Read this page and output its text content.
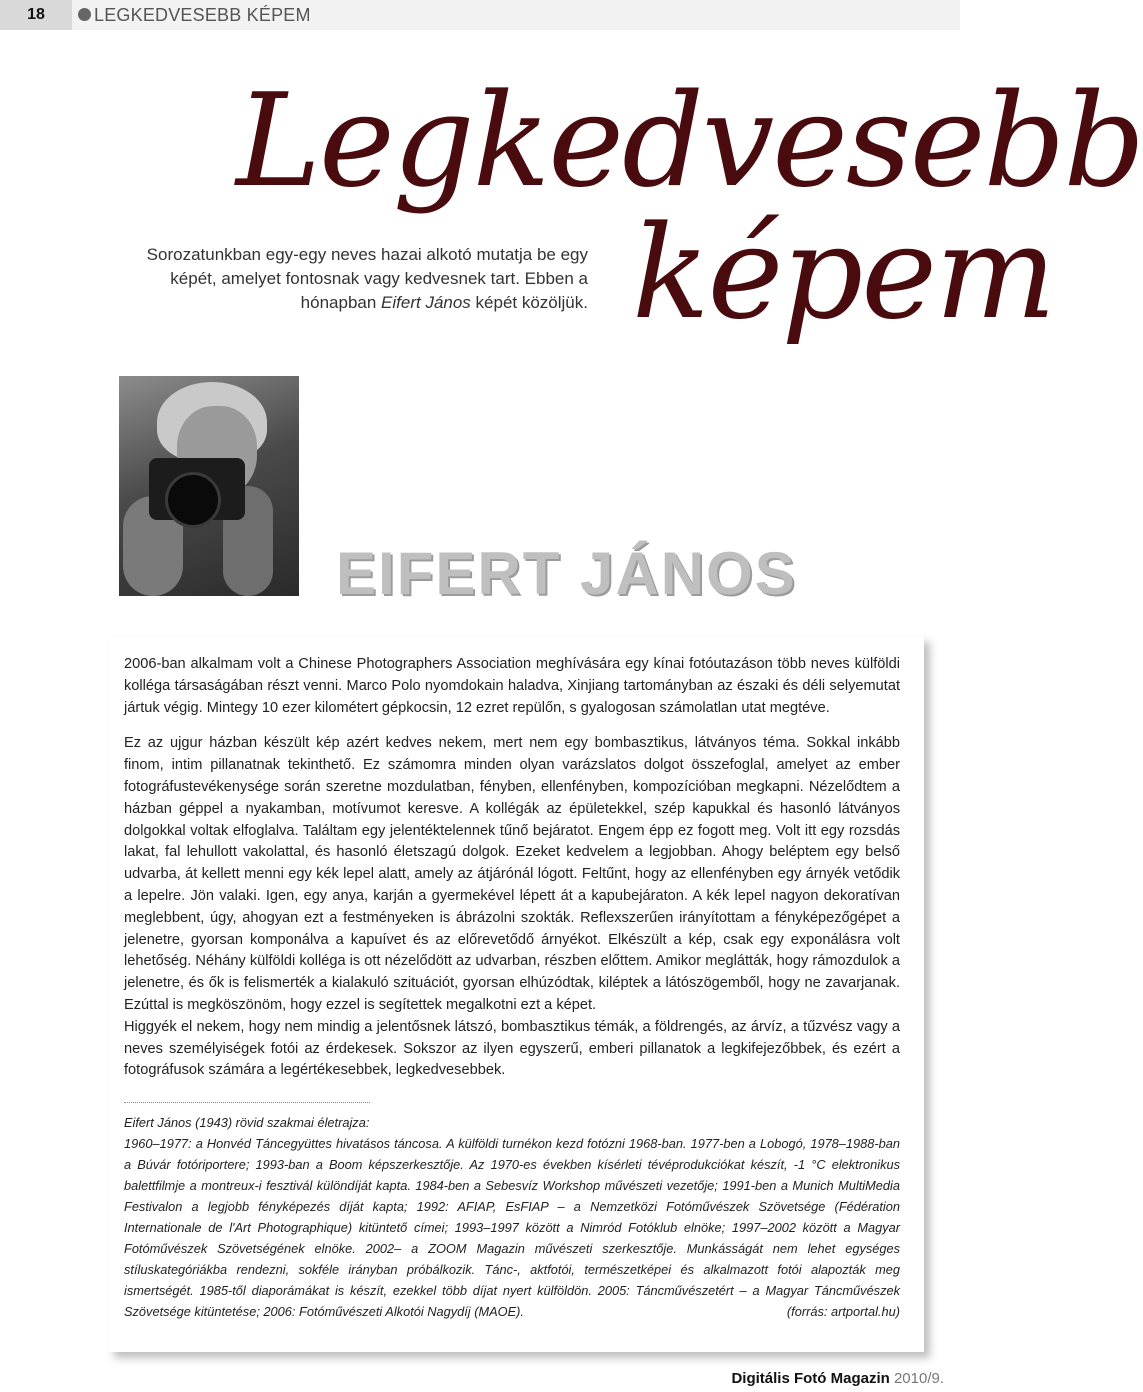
18	LEGKEDVESEBB KÉPEM
Legkedvesebb
képem
Sorozatunkban egy-egy neves hazai alkotó mutatja be egy képét, amelyet fontosnak vagy kedvesnek tart. Ebben a hónapban Eifert János képét közöljük.
EIFERT JÁNOS

2006-ban alkalmam volt a Chinese Photographers Association meghívására egy kínai fotóutazáson több neves külföldi kolléga társaságában részt venni. Marco Polo nyomdokain haladva, Xinjiang tartományban az északi és déli selyemutat jártuk végig. Mintegy 10 ezer kilométert gépkocsin, 12 ezret repülőn, s gyalogosan számolatlan utat megtéve.

Ez az ujgur házban készült kép azért kedves nekem, mert nem egy bombasztikus, látványos téma. Sokkal inkább finom, intim pillanatnak tekinthető. Ez számomra minden olyan varázslatos dolgot összefoglal, amelyet az ember fotográfustevékenysége során szeretne mozdulatban, fényben, ellenfényben, kompozícióban megkapni. Nézelődtem a házban géppel a nyakamban, motívumot keresve. A kollégák az épületekkel, szép kapukkal és hasonló látványos dolgokkal voltak elfoglalva. Találtam egy jelentéktelennek tűnő bejáratot. Engem épp ez fogott meg. Volt itt egy rozsdás lakat, fal lehullott vakolattal, és hasonló életszagú dolgok. Ezeket kedvelem a legjobban. Ahogy beléptem egy belső udvarba, át kellett menni egy kék lepel alatt, amely az átjárónál lógott. Feltűnt, hogy az ellenfényben egy árnyék vetődik a lepelre. Jön valaki. Igen, egy anya, karján a gyermekével lépett át a kapubejáraton. A kék lepel nagyon dekoratívan meglebbent, úgy, ahogyan ezt a festményeken is ábrázolni szokták. Reflexszerűen irányítottam a fényképezőgépet a jelenetre, gyorsan komponálva a kapuívet és az előrevetődő árnyékot. Elkészült a kép, csak egy exponálásra volt lehetőség. Néhány külföldi kolléga is ott nézelődött az udvarban, részben előttem. Amikor meglátták, hogy rámozdulok a jelenetre, és ők is felismerték a kialakuló szituációt, gyorsan elhúzódtak, kiléptek a látószögemből, hogy ne zavarjanak. Ezúttal is megköszönöm, hogy ezzel is segítettek megalkotni ezt a képet.

Higgyék el nekem, hogy nem mindig a jelentősnek látszó, bombasztikus témák, a földrengés, az árvíz, a tűzvész vagy a neves személyiségek fotói az érdekesek. Sokszor az ilyen egyszerű, emberi pillanatok a legkifejezőbbek, és ezért a fotográfusok számára a legértékesebbek, legkedvesebbek.

Eifert János (1943) rövid szakmai életrajza:

1960–1977: a Honvéd Táncegyüttes hivatásos táncosa. A külföldi turnékon kezd fotózni 1968-ban. 1977-ben a Lobogó, 1978–1988-ban a Búvár fotóriportere; 1993-ban a Boom képszerkesztője. Az 1970-es években kísérleti tévéprodukciókat készít, -1 °C elektronikus balettfilmje a montreux-i fesztivál különdíját kapta. 1984-ben a Sebesvíz Workshop művészeti vezetője; 1991-ben a Munich MultiMedia Festivalon a legjobb fényképezés díját kapta; 1992: AFIAP, EsFIAP – a Nemzetközi Fotóművészek Szövetsége (Fédération Internationale de l'Art Photographique) kitüntető címei; 1993–1997 között a Nimród Fotóklub elnöke; 1997–2002 között a Magyar Fotóművészek Szövetségének elnöke. 2002– a ZOOM Magazin művészeti szerkesztője. Munkásságát nem lehet egységes stíluskategóriákba rendezni, sokféle irányban próbálkozik. Tánc-, aktfotói, természetképei és alkalmazott fotói alapozták meg ismertségét. 1985-től diaporámákat is készít, ezekkel több díjat nyert külföldön. 2005: Táncművészetért – a Magyar Táncművészek Szövetsége kitüntetése; 2006: Fotóművészeti Alkotói Nagydíj (MAOE).	(forrás: artportal.hu)

Digitális Fotó Magazin 2010/9.
